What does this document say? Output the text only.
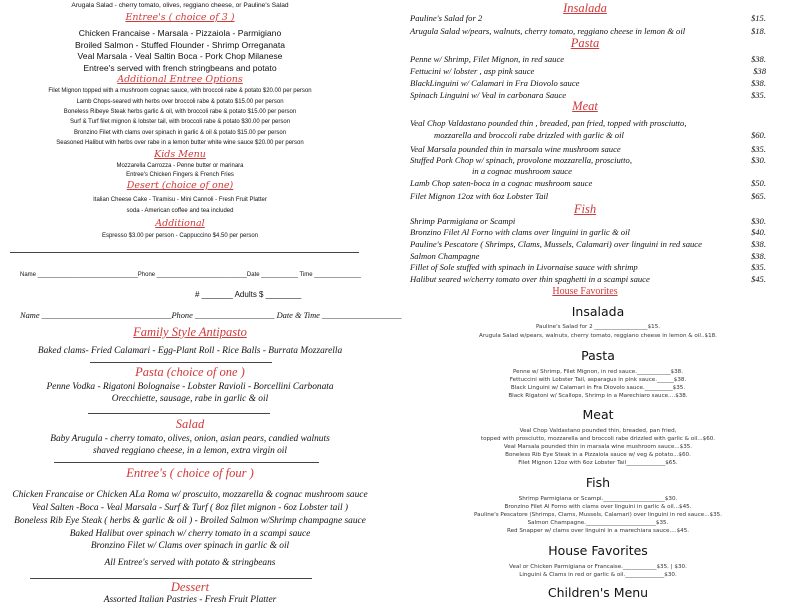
Arugala Salad - cherry tomato, olives, reggiano cheese, or Pauline's Salad
Entree's ( choice of 3 )
Chicken Francaise - Marsala - Pizzaiola - Parmigiano
Broiled Salmon - Stuffed Flounder - Shrimp Orreganata
Veal Marsala - Veal Saltin Boca - Pork Chop Milanese
Entree's served with french stringbeans and potato
Additional Entree Options
Filet Mignon topped with a mushroom cognac sauce, with broccoli rabe & potato $20.00 per person
Lamb Chops-seared with herbs over broccoli rabe & potato $15.00 per person
Boneless Ribeye Steak herbs garlic & oil, with broccoli rabe & potato $15.00 per person
Surf & Turf filet mignon & lobster tail, with broccoli rabe & potato $30.00 per person
Bronzino Filet with clams over spinach in garlic & oil & potato $15.00 per person
Seasoned Halibut with herbs over rabe in a lemon butter white wine sauce $20.00 per person
Kids Menu
Mozzarella Carrozza - Penne butter or marinara
Entree's Chicken Fingers & French Fries
Desert (choice of one)
Italian Cheese Cake - Tiramisu - Mini Cannoli - Fresh Fruit Platter
soda - American coffee and tea included
Additional
Espresso $3.00 per person - Cappuccino $4.50 per person
Name ______________________________Phone ___________________________Date ___________ Time ______________
# _______ Adults $ ________
Name _______________________________Phone ___________________ Date & Time ___________________
Family Style Antipasto
Baked clams- Fried Calamari - Egg-Plant Roll - Rice Balls - Burrata Mozzarella
Pasta (choice of one )
Penne Vodka - Rigatoni Bolognaise - Lobster Ravioli - Borcellini Carbonata
Orecchiette, sausage, rabe in garlic & oil
Salad
Baby Arugula - cherry tomato, olives, onion, asian pears, candied walnuts
shaved reggiano cheese, in a lemon, extra virgin oil
Entree's ( choice of four )
Chicken Francaise or Chicken ALa Roma w/ proscuito, mozzarella & cognac mushroom sauce
Veal Salten -Boca - Veal Marsala - Surf & Turf ( 8oz filet mignon - 6oz Lobster tail )
Boneless Rib Eye Steak ( herbs & garlic & oil ) - Broiled Salmon w/Shrimp champagne sauce
Baked Halibut over spinach w/ cherry tomato in a scampi sauce
Bronzino Filet w/ Clams over spinach in garlic & oil
All Entree's served with potato & stringbeans
Dessert
Assorted Italian Pastries - Fresh Fruit Platter
Insalada
Pauline's Salad for 2	$15.
Arugula Salad w/pears, walnuts, cherry tomato, reggiano cheese in lemon & oil	$18.
Pasta
Penne w/ Shrimp, Filet Mignon, in red sauce	$38.
Fettucini w/ lobster , asp pink sauce	$38
BlackLinguini w/ Calamari in Fra Diovolo sauce	$38.
Spinach Linguini w/ Veal in carbonara Sauce	$35.
Meat
Veal Chop Valdastano pounded thin , breaded, pan fried, topped with prosciutto,
mozzarella and broccoli rabe drizzled with garlic & oil	$60.
Veal Marsala pounded thin in marsala wine mushroom sauce	$35.
Stuffed Pork Chop w/ spinach, provolone mozzarella, prosciutto,	$30.
in a cognac mushroom sauce
Lamb Chop saten-boca in a cognac mushroom sauce	$50.
Filet Mignon 12oz with 6oz Lobster Tail	$65.
Fish
Shrimp Parmigiana or Scampi	$30.
Bronzino Filet Al Forno with clams over linguini in garlic & oil	$40.
Pauline's Pescatore ( Shrimps, Clams, Mussels, Calamari) over linguini in red sauce	$38.
Salmon Champagne	$38.
Fillet of Sole stuffed with spinach in Livornaise sauce with shrimp	$35.
Halibut seared w/cherry tomato over thin spaghetti in a scampi sauce	$45.
House Favorites
Insalada
Pauline's Salad for 2 ___________________$15.
Arugula Salad w/pears, walnuts, cherry tomato, reggiano cheese in lemon & oil..$18.
Pasta
Penne w/ Shrimp, Filet Mignon, in red sauce.____________$38.
Fettuccini with Lobster Tail, asparagus in pink sauce.______$38.
Black Linguini w/ Calamari in Fra Diovolo sauce.__________$35.
Black Rigatoni w/ Scallops, Shrimp in a Marechiaro sauce....$38.
Meat
Veal Chop Valdastano pounded thin, breaded, pan fried,
topped with prosciutto, mozzarella and broccoli rabe drizzled with garlic & oil...$60.
Veal Marsala pounded thin in marsala wine mushroom sauce...$35.
Boneless Rib Eye Steak in a Pizzaiola sauce w/ veg & potato...$60.
Filet Mignon 12oz with 6oz Lobster Tail______________$65.
Fish
Shrimp Parmigiana or Scampi.______________________$30.
Bronzino Filet Al Forno with clams over linguini in garlic & oil...$45.
Pauline's Pescatore (Shrimps, Clams, Mussels, Calamari) over linguini in red sauce...$35.
Salmon Champagne._________________________$35.
Red Snapper w/ clams over linguini in a marechiara sauce....$45.
House Favorites
Veal or Chicken Parmigiana or Francaise.____________$35. | $30.
Linguini & Clams in red or garlic & oil.______________$30.
Children's Menu
